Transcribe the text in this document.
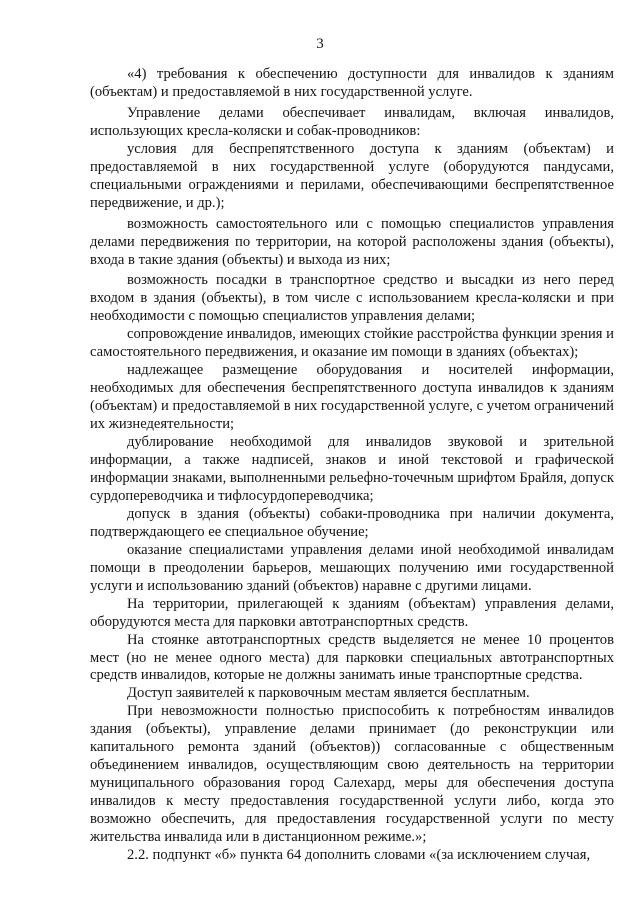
3

«4) требования к обеспечению доступности для инвалидов к зданиям (объектам) и предоставляемой в них государственной услуге.

Управление делами обеспечивает инвалидам, включая инвалидов, использующих кресла-коляски и собак-проводников:

условия для беспрепятственного доступа к зданиям (объектам) и предоставляемой в них государственной услуге (оборудуются пандусами, специальными ограждениями и перилами, обеспечивающими беспрепятственное передвижение, и др.);

возможность самостоятельного или с помощью специалистов управления делами передвижения по территории, на которой расположены здания (объекты), входа в такие здания (объекты) и выхода из них;

возможность посадки в транспортное средство и высадки из него перед входом в здания (объекты), в том числе с использованием кресла-коляски и при необходимости с помощью специалистов управления делами;

сопровождение инвалидов, имеющих стойкие расстройства функции зрения и самостоятельного передвижения, и оказание им помощи в зданиях (объектах);

надлежащее размещение оборудования и носителей информации, необходимых для обеспечения беспрепятственного доступа инвалидов к зданиям (объектам) и предоставляемой в них государственной услуге, с учетом ограничений их жизнедеятельности;

дублирование необходимой для инвалидов звуковой и зрительной информации, а также надписей, знаков и иной текстовой и графической информации знаками, выполненными рельефно-точечным шрифтом Брайля, допуск сурдопереводчика и тифлосурдопереводчика;

допуск в здания (объекты) собаки-проводника при наличии документа, подтверждающего ее специальное обучение;

оказание специалистами управления делами иной необходимой инвалидам помощи в преодолении барьеров, мешающих получению ими государственной услуги и использованию зданий (объектов) наравне с другими лицами.

На территории, прилегающей к зданиям (объектам) управления делами, оборудуются места для парковки автотранспортных средств.

На стоянке автотранспортных средств выделяется не менее 10 процентов мест (но не менее одного места) для парковки специальных автотранспортных средств инвалидов, которые не должны занимать иные транспортные средства.

Доступ заявителей к парковочным местам является бесплатным.

При невозможности полностью приспособить к потребностям инвалидов здания (объекты), управление делами принимает (до реконструкции или капитального ремонта зданий (объектов)) согласованные с общественным объединением инвалидов, осуществляющим свою деятельность на территории муниципального образования город Салехард, меры для обеспечения доступа инвалидов к месту предоставления государственной услуги либо, когда это возможно обеспечить, для предоставления государственной услуги по месту жительства инвалида или в дистанционном режиме.»;

2.2. подпункт «б» пункта 64 дополнить словами «(за исключением случая,
